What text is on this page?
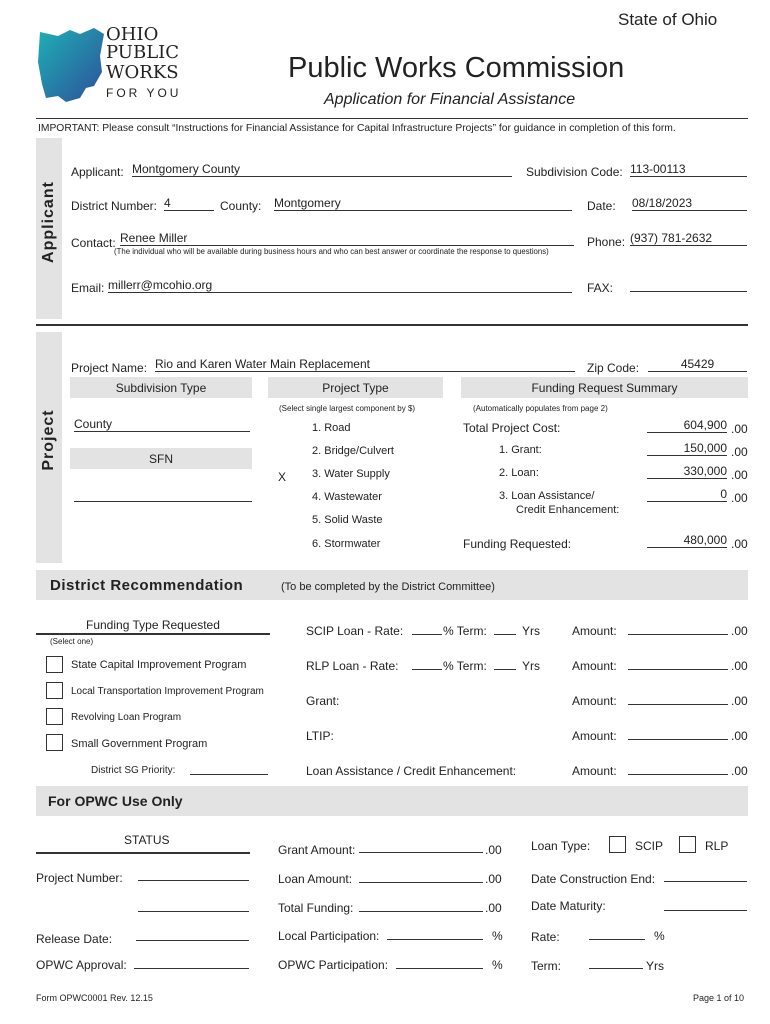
State of Ohio
OHIO
PUBLIC
WORKS
FOR YOU
Public Works Commission
Application for Financial Assistance
IMPORTANT: Please consult “Instructions for Financial Assistance for Capital Infrastructure Projects” for guidance in completion of this form.
Applicant
Applicant: Montgomery County	Subdivision Code: 113-00113
District Number: 4	County: Montgomery	Date: 08/18/2023
Contact: Renee Miller
(The individual who will be available during business hours and who can best answer or coordinate the response to questions)
Phone: (937) 781-2632
Email: millerr@mcohio.org	FAX:
Project
Project Name: Rio and Karen Water Main Replacement	Zip Code:	45429
Subdivision Type	Project Type	Funding Request Summary
(Select single largest component by $)	(Automatically populates from page 2)
County
SFN
1. Road
2. Bridge/Culvert
X 3. Water Supply
4. Wastewater
5. Solid Waste
6. Stormwater
Total Project Cost:	604,900 .00
1. Grant:	150,000 .00
2. Loan:	330,000 .00
3. Loan Assistance/
Credit Enhancement:
0 .00
Funding Requested:	480,000 .00
District Recommendation	(To be completed by the District Committee)
Funding Type Requested
(Select one)
State Capital Improvement Program
Local Transportation Improvement Program
Revolving Loan Program
Small Government Program
District SG Priority:
SCIP Loan - Rate:	% Term:	Yrs	Amount:	.00
RLP Loan - Rate:	% Term:	Yrs	Amount:	.00
Grant:	Amount:	.00
LTIP:	Amount:	.00
Loan Assistance / Credit Enhancement:	Amount:	.00
For OPWC Use Only
STATUS
Project Number:
Release Date:
OPWC Approval:
Grant Amount:	.00
Loan Amount:	.00
Total Funding:	.00
Local Participation:	%
OPWC Participation:	%
Loan Type:	SCIP	RLP
Date Construction End:
Date Maturity:
Rate:	%
Term:	Yrs
Form OPWC0001 Rev. 12.15	Page 1 of 10
